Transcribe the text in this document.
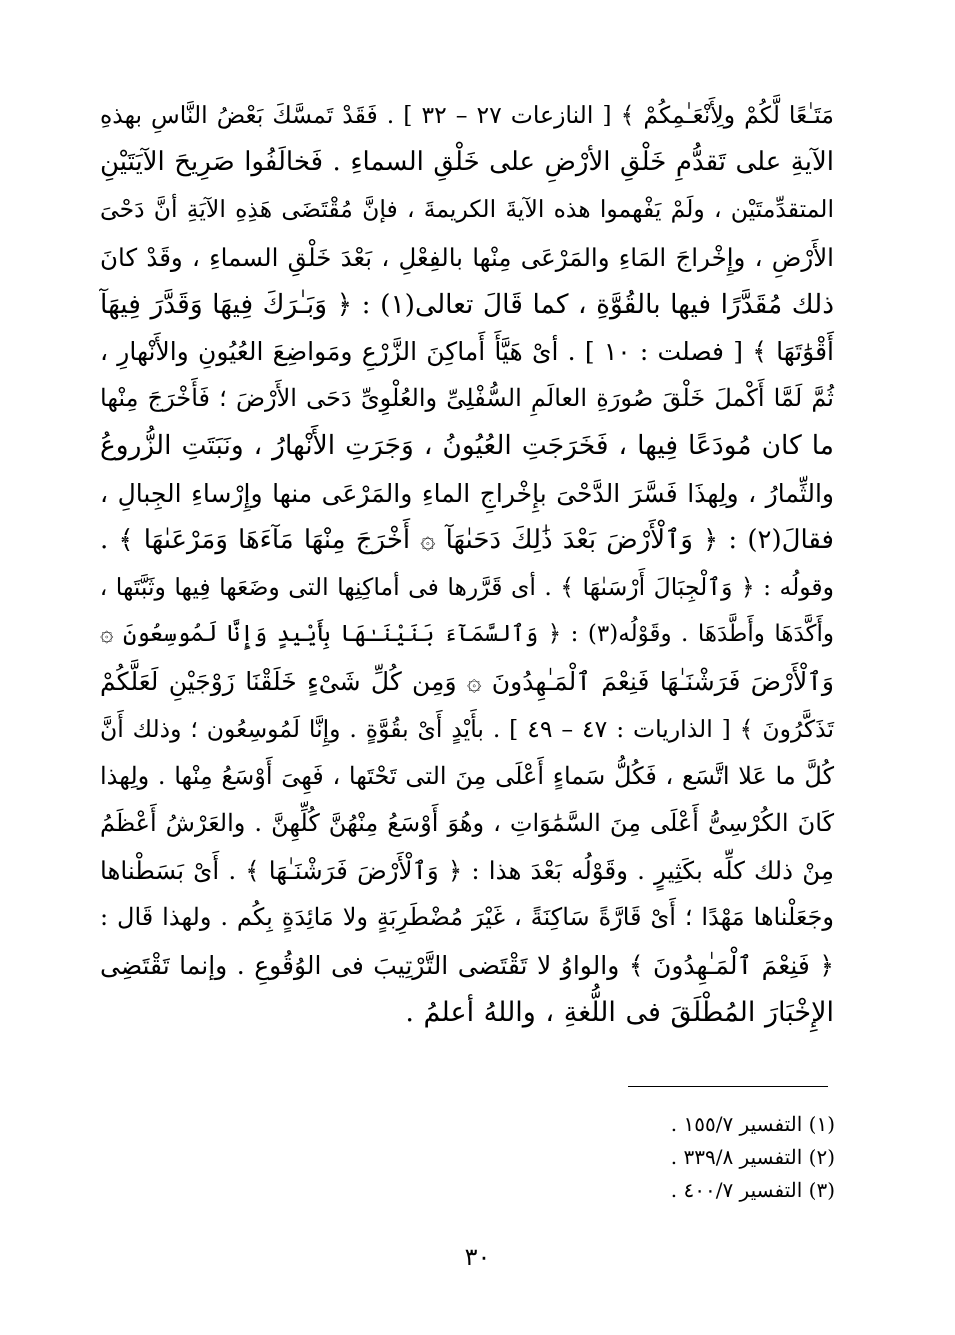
مَتَـٰعًا لَّكُمْ ولِأَنْعَـٰمِكُمْ ﴾ [ النازعات ٢٧ – ٣٢ ] . فَقَدْ تَمسَّكَ بَعْضُ النَّاسِ بهذهِ
الآيةِ على تَقدُّمِ خَلْقِ الأرْضِ على خَلْقِ السماءِ . فَخالَفُوا صَرِيحَ الآيَتَيْنِ
المتقدِّمتَيْن ، ولَمْ يَفْهموا هذه الآيةَ الكريمةَ ، فإنَّ مُقْتَضَى هَذِهِ الآيَةِ أنَّ دَحْىَ
الأَرْضِ ، وإِخْراجَ المَاءِ والمَرْعَى مِنْها بالفِعْلِ ، بَعْدَ خَلْقِ السماءِ ، وقَدْ كانَ
ذلك مُقَدَّرًا فيها بالقُوَّةِ ، كما قَالَ تعالى(١) : ﴿ وَبَـٰرَكَ فِيهَا وَقَدَّرَ فِيهَآ
أَقْوَٰتَهَا ﴾ [ فصلت : ١٠ ] . أىْ هَيَّأَ أَماكِنَ الزَّرْعِ ومَواضِعَ العُيُونِ والأَنْهارِ ،
ثُمَّ لَمَّا أَكْملَ خَلْقَ صُورَةِ العالَمِ السُّفْلِىِّ والعُلْوِىِّ دَحَى الأَرْضَ ؛ فَأَخْرَجَ مِنْها
ما كان مُودَعًا فِيها ، فَخَرَجَتِ العُيُونُ ، وَجَرَتِ الأَنْهارُ ، ونَبَتَتِ الزُّروعُ
والثِّمارُ ، ولِهذَا فَسَّرَ الدَّحْىَ بإِخْراجِ الماءِ والمَرْعَى منها وإِرْساءِ الجِبالِ ،
فقالَ(٢) : ﴿ وَٱلْأَرْضَ بَعْدَ ذَٰلِكَ دَحَىٰهَآ ۞ أَخْرَجَ مِنْهَا مَآءَهَا وَمَرْعَىٰهَا ﴾ .
وقولُه : ﴿ وَٱلْجِبَالَ أَرْسَىٰهَا ﴾ . أى قَرَّرها فى أماكِنِها التى وضَعَها فِيها وثَبَّتَها ،
وأَكَّدَهَا وأَطَّدَهَا . وقَوْلُه(٣) : ﴿ وَٱلسَّمَآءَ بَنَيْنَـٰهَا بِأَيْيدٍ وَإِنَّا لَمُوسِعُونَ ۞
وَٱلْأَرْضَ فَرَشْنَـٰهَا فَنِعْمَ ٱلْمَـٰهِدُونَ ۞ وَمِن كُلِّ شَىْءٍ خَلَقْنَا زَوْجَيْنِ لَعَلَّكُمْ
تَذَكَّرُونَ ﴾ [ الذاريات : ٤٧ – ٤٩ ] . بأَيْدٍ أَىْ بقُوَّةٍ . وإِنَّا لَمُوسِعُون ؛ وذلك أَنَّ
كُلَّ ما عَلا اتَّسَع ، فَكُلُّ سَماءٍ أَعْلَى مِنَ التى تَحْتَها ، فَهِىَ أَوْسَعُ مِنْها . ولِهذا
كَانَ الكُرْسِىُّ أَعْلَى مِنَ السَّمَٰوَاتِ ، وهُوَ أَوْسَعُ مِنْهُنَّ كُلِّهِنَّ . والعَرْشُ أَعْظَمُ
مِنْ ذلك كلِّه بكَثِيرٍ . وقَوْلُه بَعْدَ هذا : ﴿ وَٱلْأَرْضَ فَرَشْنَـٰهَا ﴾ . أَىْ بَسَطْناها
وجَعَلْناها مَهْدًا ؛ أَىْ قَارَّةً سَاكِنَةً ، غَيْرَ مُضْطَرِبَةٍ ولا مَائِدَةٍ بِكُم . ولهذا قَال :
﴿ فَنِعْمَ ٱلْمَـٰهِدُونَ ﴾ والواوُ لا تَقْتَضى التَّرْتِيبَ فى الوُقُوعِ . وإنما تَقْتَضِى
الإِخْبَارَ المُطْلَقَ فى اللُّغةِ ، واللهُ أعلمُ .
(١) التفسير ١٥٥/٧ .
(٢) التفسير ٣٣٩/٨ .
(٣) التفسير ٤٠٠/٧ .
٣٠
